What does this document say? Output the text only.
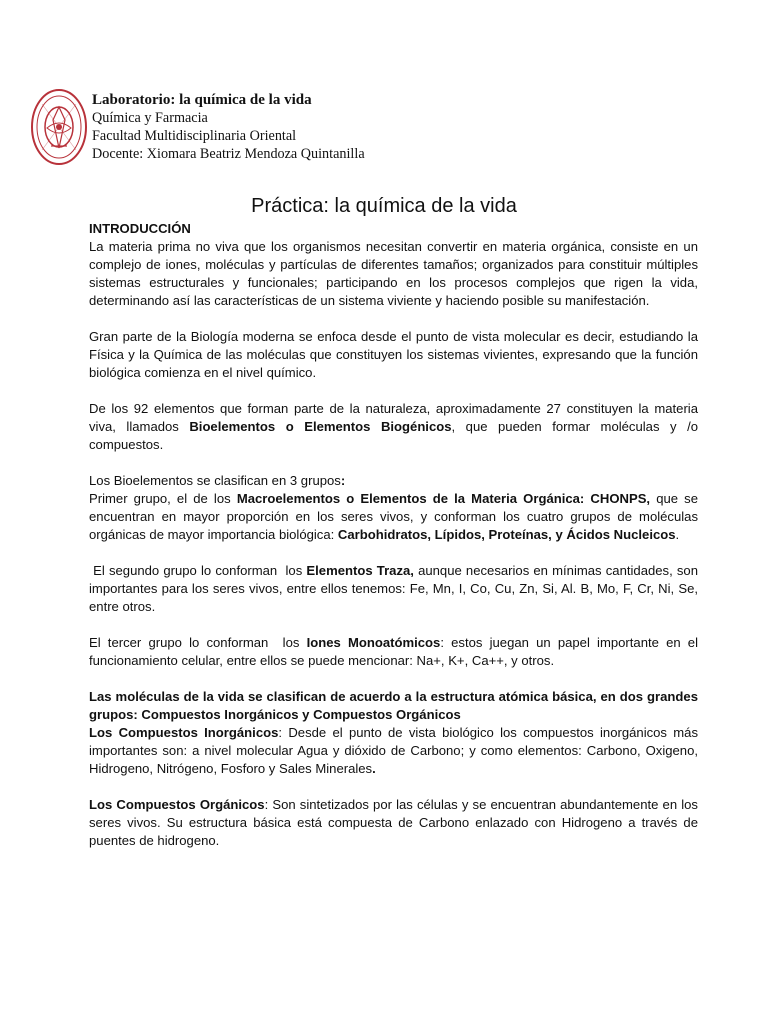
Laboratorio: la química de la vida
Química y Farmacia
Facultad Multidisciplinaria Oriental
Docente: Xiomara Beatriz Mendoza Quintanilla
Práctica: la química de la vida

INTRODUCCIÓN

La materia prima no viva que los organismos necesitan convertir en materia orgánica, consiste en un complejo de iones, moléculas y partículas de diferentes tamaños; organizados para constituir múltiples sistemas estructurales y funcionales; participando en los procesos complejos que rigen la vida, determinando así las características de un sistema viviente y haciendo posible su manifestación.

Gran parte de la Biología moderna se enfoca desde el punto de vista molecular es decir, estudiando la Física y la Química de las moléculas que constituyen los sistemas vivientes, expresando que la función biológica comienza en el nivel químico.

De los 92 elementos que forman parte de la naturaleza, aproximadamente 27 constituyen la materia viva, llamados Bioelementos o Elementos Biogénicos, que pueden formar moléculas y /o compuestos.

Los Bioelementos se clasifican en 3 grupos:

Primer grupo, el de los Macroelementos o Elementos de la Materia Orgánica: CHONPS, que se encuentran en mayor proporción en los seres vivos, y conforman los cuatro grupos de moléculas orgánicas de mayor importancia biológica: Carbohidratos, Lípidos, Proteínas, y Ácidos Nucleicos.

El segundo grupo lo conforman  los Elementos Traza, aunque necesarios en mínimas cantidades, son importantes para los seres vivos, entre ellos tenemos: Fe, Mn, I, Co, Cu, Zn, Si, Al. B, Mo, F, Cr, Ni, Se, entre otros.

El tercer grupo lo conforman  los Iones Monoatómicos: estos juegan un papel importante en el funcionamiento celular, entre ellos se puede mencionar: Na+, K+, Ca++, y otros.

Las moléculas de la vida se clasifican de acuerdo a la estructura atómica básica, en dos grandes grupos: Compuestos Inorgánicos y Compuestos Orgánicos

Los Compuestos Inorgánicos: Desde el punto de vista biológico los compuestos inorgánicos más importantes son: a nivel molecular Agua y dióxido de Carbono; y como elementos: Carbono, Oxigeno, Hidrogeno, Nitrógeno, Fosforo y Sales Minerales.

Los Compuestos Orgánicos: Son sintetizados por las células y se encuentran abundantemente en los seres vivos. Su estructura básica está compuesta de Carbono enlazado con Hidrogeno a través de puentes de hidrogeno.
